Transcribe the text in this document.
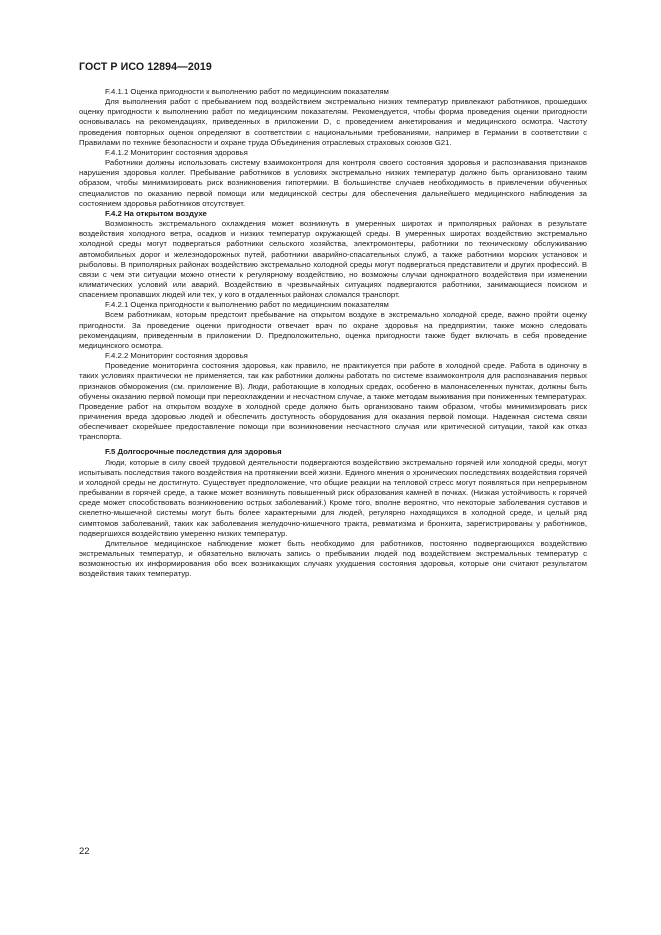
ГОСТ Р ИСО 12894—2019

F.4.1.1 Оценка пригодности к выполнению работ по медицинским показателям

Для выполнения работ с пребыванием под воздействием экстремально низких температур привлекают работников, прошедших оценку пригодности к выполнению работ по медицинским показателям. Рекомендуется, чтобы форма проведения оценки пригодности основывалась на рекомендациях, приведенных в приложении D, с проведением анкетирования и медицинского осмотра. Частоту проведения повторных оценок определяют в соответствии с национальными требованиями, например в Германии в соответствии с Правилами по технике безопасности и охране труда Объединения отраслевых страховых союзов G21.

F.4.1.2 Мониторинг состояния здоровья

Работники должны использовать систему взаимоконтроля для контроля своего состояния здоровья и распознавания признаков нарушения здоровья коллег. Пребывание работников в условиях экстремально низких температур должно быть организовано таким образом, чтобы минимизировать риск возникновения гипотермии. В большинстве случаев необходимость в привлечении обученных специалистов по оказанию первой помощи или медицинской сестры для обеспечения дальнейшего медицинского наблюдения за состоянием здоровья работников отсутствует.

F.4.2 На открытом воздухе

Возможность экстремального охлаждения может возникнуть в умеренных широтах и приполярных районах в результате воздействия холодного ветра, осадков и низких температур окружающей среды. В умеренных широтах воздействию экстремально холодной среды могут подвергаться работники сельского хозяйства, электромонтеры, работники по техническому обслуживанию автомобильных дорог и железнодорожных путей, работники аварийно-спасательных служб, а также работники морских установок и рыболовы. В приполярных районах воздействию экстремально холодной среды могут подвергаться представители и других профессий. В связи с чем эти ситуации можно отнести к регулярному воздействию, но возможны случаи однократного воздействия при изменении климатических условий или аварий. Воздействию в чрезвычайных ситуациях подвергаются работники, занимающиеся поиском и спасением пропавших людей или тех, у кого в отдаленных районах сломался транспорт.

F.4.2.1 Оценка пригодности к выполнению работ по медицинским показателям

Всем работникам, которым предстоит пребывание на открытом воздухе в экстремально холодной среде, важно пройти оценку пригодности. За проведение оценки пригодности отвечает врач по охране здоровья на предприятии, также можно следовать рекомендациям, приведенным в приложении D. Предположительно, оценка пригодности также будет включать в себя проведение медицинского осмотра.

F.4.2.2 Мониторинг состояния здоровья

Проведение мониторинга состояния здоровья, как правило, не практикуется при работе в холодной среде. Работа в одиночку в таких условиях практически не применяется, так как работники должны работать по системе взаимоконтроля для распознавания первых признаков обморожения (см. приложение В). Люди, работающие в холодных средах, особенно в малонаселенных пунктах, должны быть обучены оказанию первой помощи при переохлаждении и несчастном случае, а также методам выживания при пониженных температурах. Проведение работ на открытом воздухе в холодной среде должно быть организовано таким образом, чтобы минимизировать риск причинения вреда здоровью людей и обеспечить доступность оборудования для оказания первой помощи. Надежная система связи обеспечивает скорейшее предоставление помощи при возникновении несчастного случая или критической ситуации, такой как отказ транспорта.

F.5 Долгосрочные последствия для здоровья

Люди, которые в силу своей трудовой деятельности подвергаются воздействию экстремально горячей или холодной среды, могут испытывать последствия такого воздействия на протяжении всей жизни. Единого мнения о хронических последствиях воздействия горячей и холодной среды не достигнуто. Существует предположение, что общие реакции на тепловой стресс могут появляться при непрерывном пребывании в горячей среде, а также может возникнуть повышенный риск образования камней в почках. (Низкая устойчивость к горячей среде может способствовать возникновению острых заболеваний.) Кроме того, вполне вероятно, что некоторые заболевания суставов и скелетно-мышечной системы могут быть более характерными для людей, регулярно находящихся в холодной среде, и целый ряд симптомов заболеваний, таких как заболевания желудочно-кишечного тракта, ревматизма и бронхита, зарегистрированы у работников, подвергшихся воздействию умеренно низких температур.

Длительное медицинское наблюдение может быть необходимо для работников, постоянно подвергающихся воздействию экстремальных температур, и обязательно включать запись о пребывании людей под воздействием экстремальных температур с возможностью их информирования обо всех возникающих случаях ухудшения состояния здоровья, которые они считают результатом воздействия таких температур.

22
